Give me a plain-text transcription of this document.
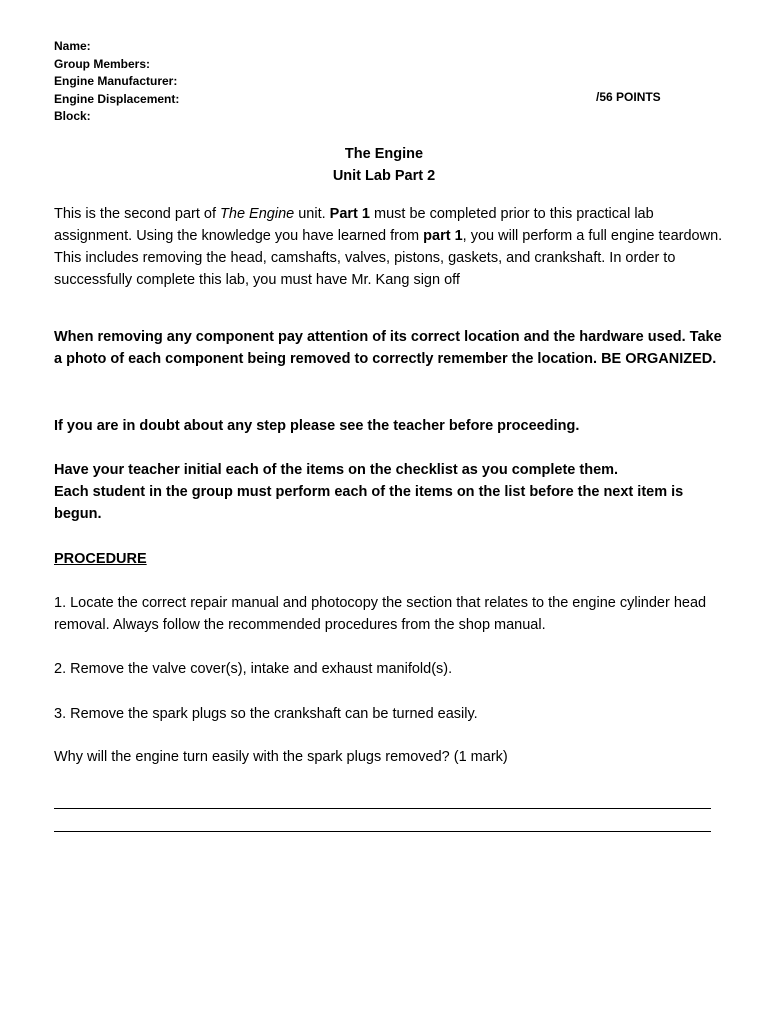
Name:
Group Members:
Engine Manufacturer:
Engine Displacement:
Block:
/56 POINTS
The Engine
Unit Lab Part 2
This is the second part of The Engine unit. Part 1 must be completed prior to this practical lab assignment. Using the knowledge you have learned from part 1, you will perform a full engine teardown. This includes removing the head, camshafts, valves, pistons, gaskets, and crankshaft. In order to successfully complete this lab, you must have Mr. Kang sign off
When removing any component pay attention of its correct location and the hardware used. Take a photo of each component being removed to correctly remember the location. BE ORGANIZED.
If you are in doubt about any step please see the teacher before proceeding.
Have your teacher initial each of the items on the checklist as you complete them.
Each student in the group must perform each of the items on the list before the next item is begun.
PROCEDURE
1. Locate the correct repair manual and photocopy the section that relates to the engine cylinder head removal. Always follow the recommended procedures from the shop manual.
2. Remove the valve cover(s), intake and exhaust manifold(s).
3. Remove the spark plugs so the crankshaft can be turned easily.
Why will the engine turn easily with the spark plugs removed? (1 mark)
